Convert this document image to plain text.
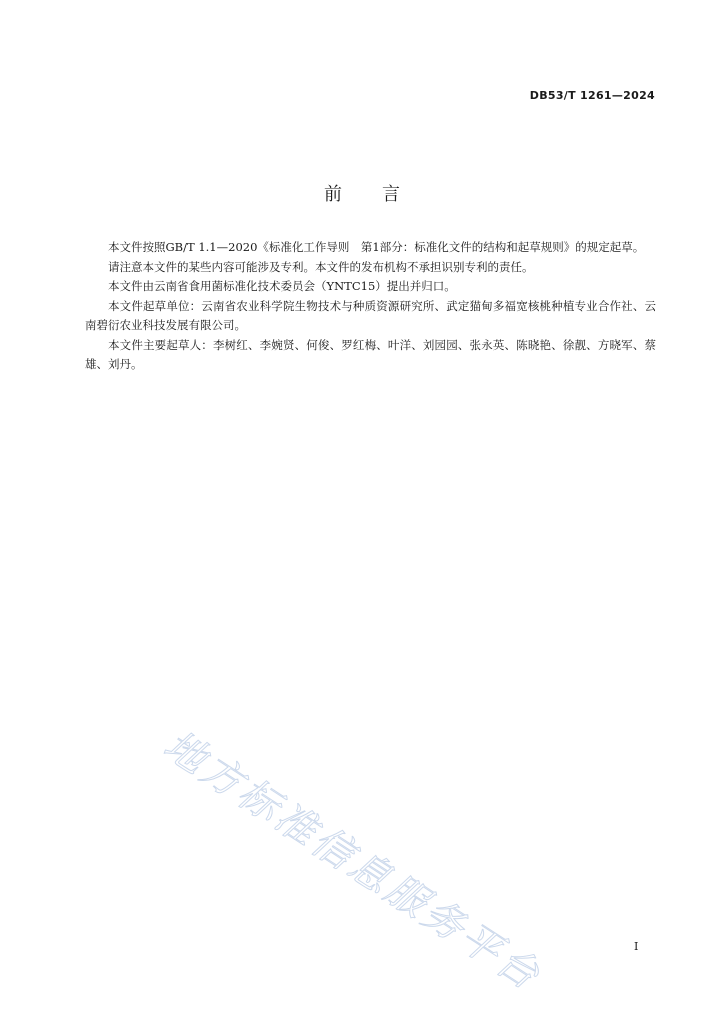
DB53/T 1261—2024
前言

本文件按照GB/T 1.1—2020《标准化工作导则　第1部分：标准化文件的结构和起草规则》的规定起草。

请注意本文件的某些内容可能涉及专利。本文件的发布机构不承担识别专利的责任。

本文件由云南省食用菌标准化技术委员会（YNTC15）提出并归口。

本文件起草单位：云南省农业科学院生物技术与种质资源研究所、武定猫甸多福宽核桃种植专业合作社、云南碧衍农业科技发展有限公司。

本文件主要起草人：李树红、李婉贤、何俊、罗红梅、叶洋、刘园园、张永英、陈晓艳、徐靓、方晓军、蔡雄、刘丹。

地方标准信息服务平台	I
